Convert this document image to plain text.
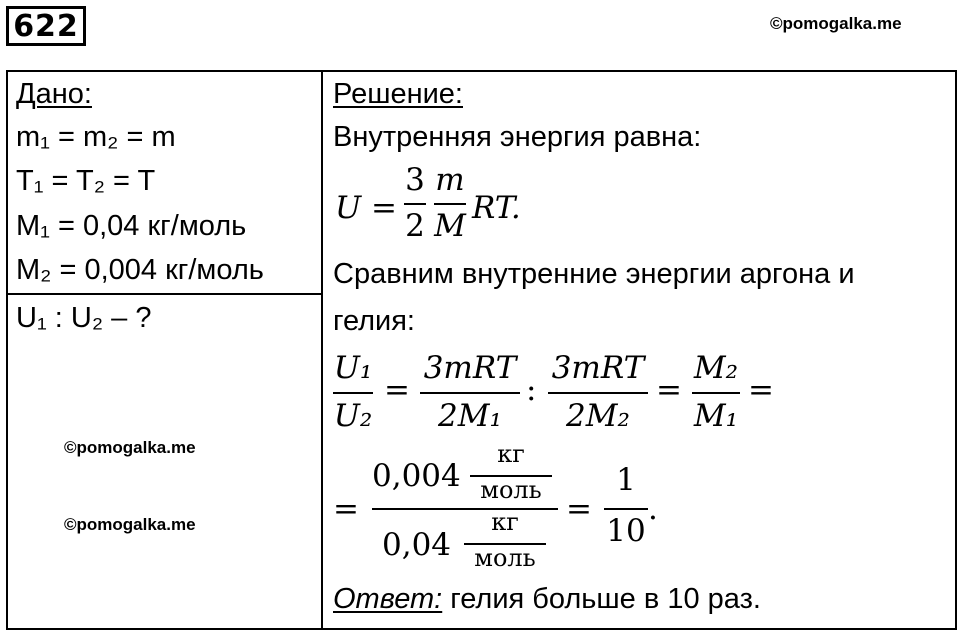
622	©pomogalka.me
Дано:
m₁ = m₂ = m
T₁ = T₂ = T
M₁ = 0,04 кг/моль
M₂ = 0,004 кг/моль
U₁ : U₂ – ?
©pomogalka.me
©pomogalka.me
Решение:
Внутренняя энергия равна:
U =
3
2
m
M RT.
Сравним внутренние энергии аргона и
гелия:
U₁
U₂
=
3mRT
2M₁
:
3mRT
2M₂
=
M₂
M₁
=
=
0,004
кг
моль
0,04
кг
моль
=
1
10
.
Ответ: гелия больше в 10 раз.
